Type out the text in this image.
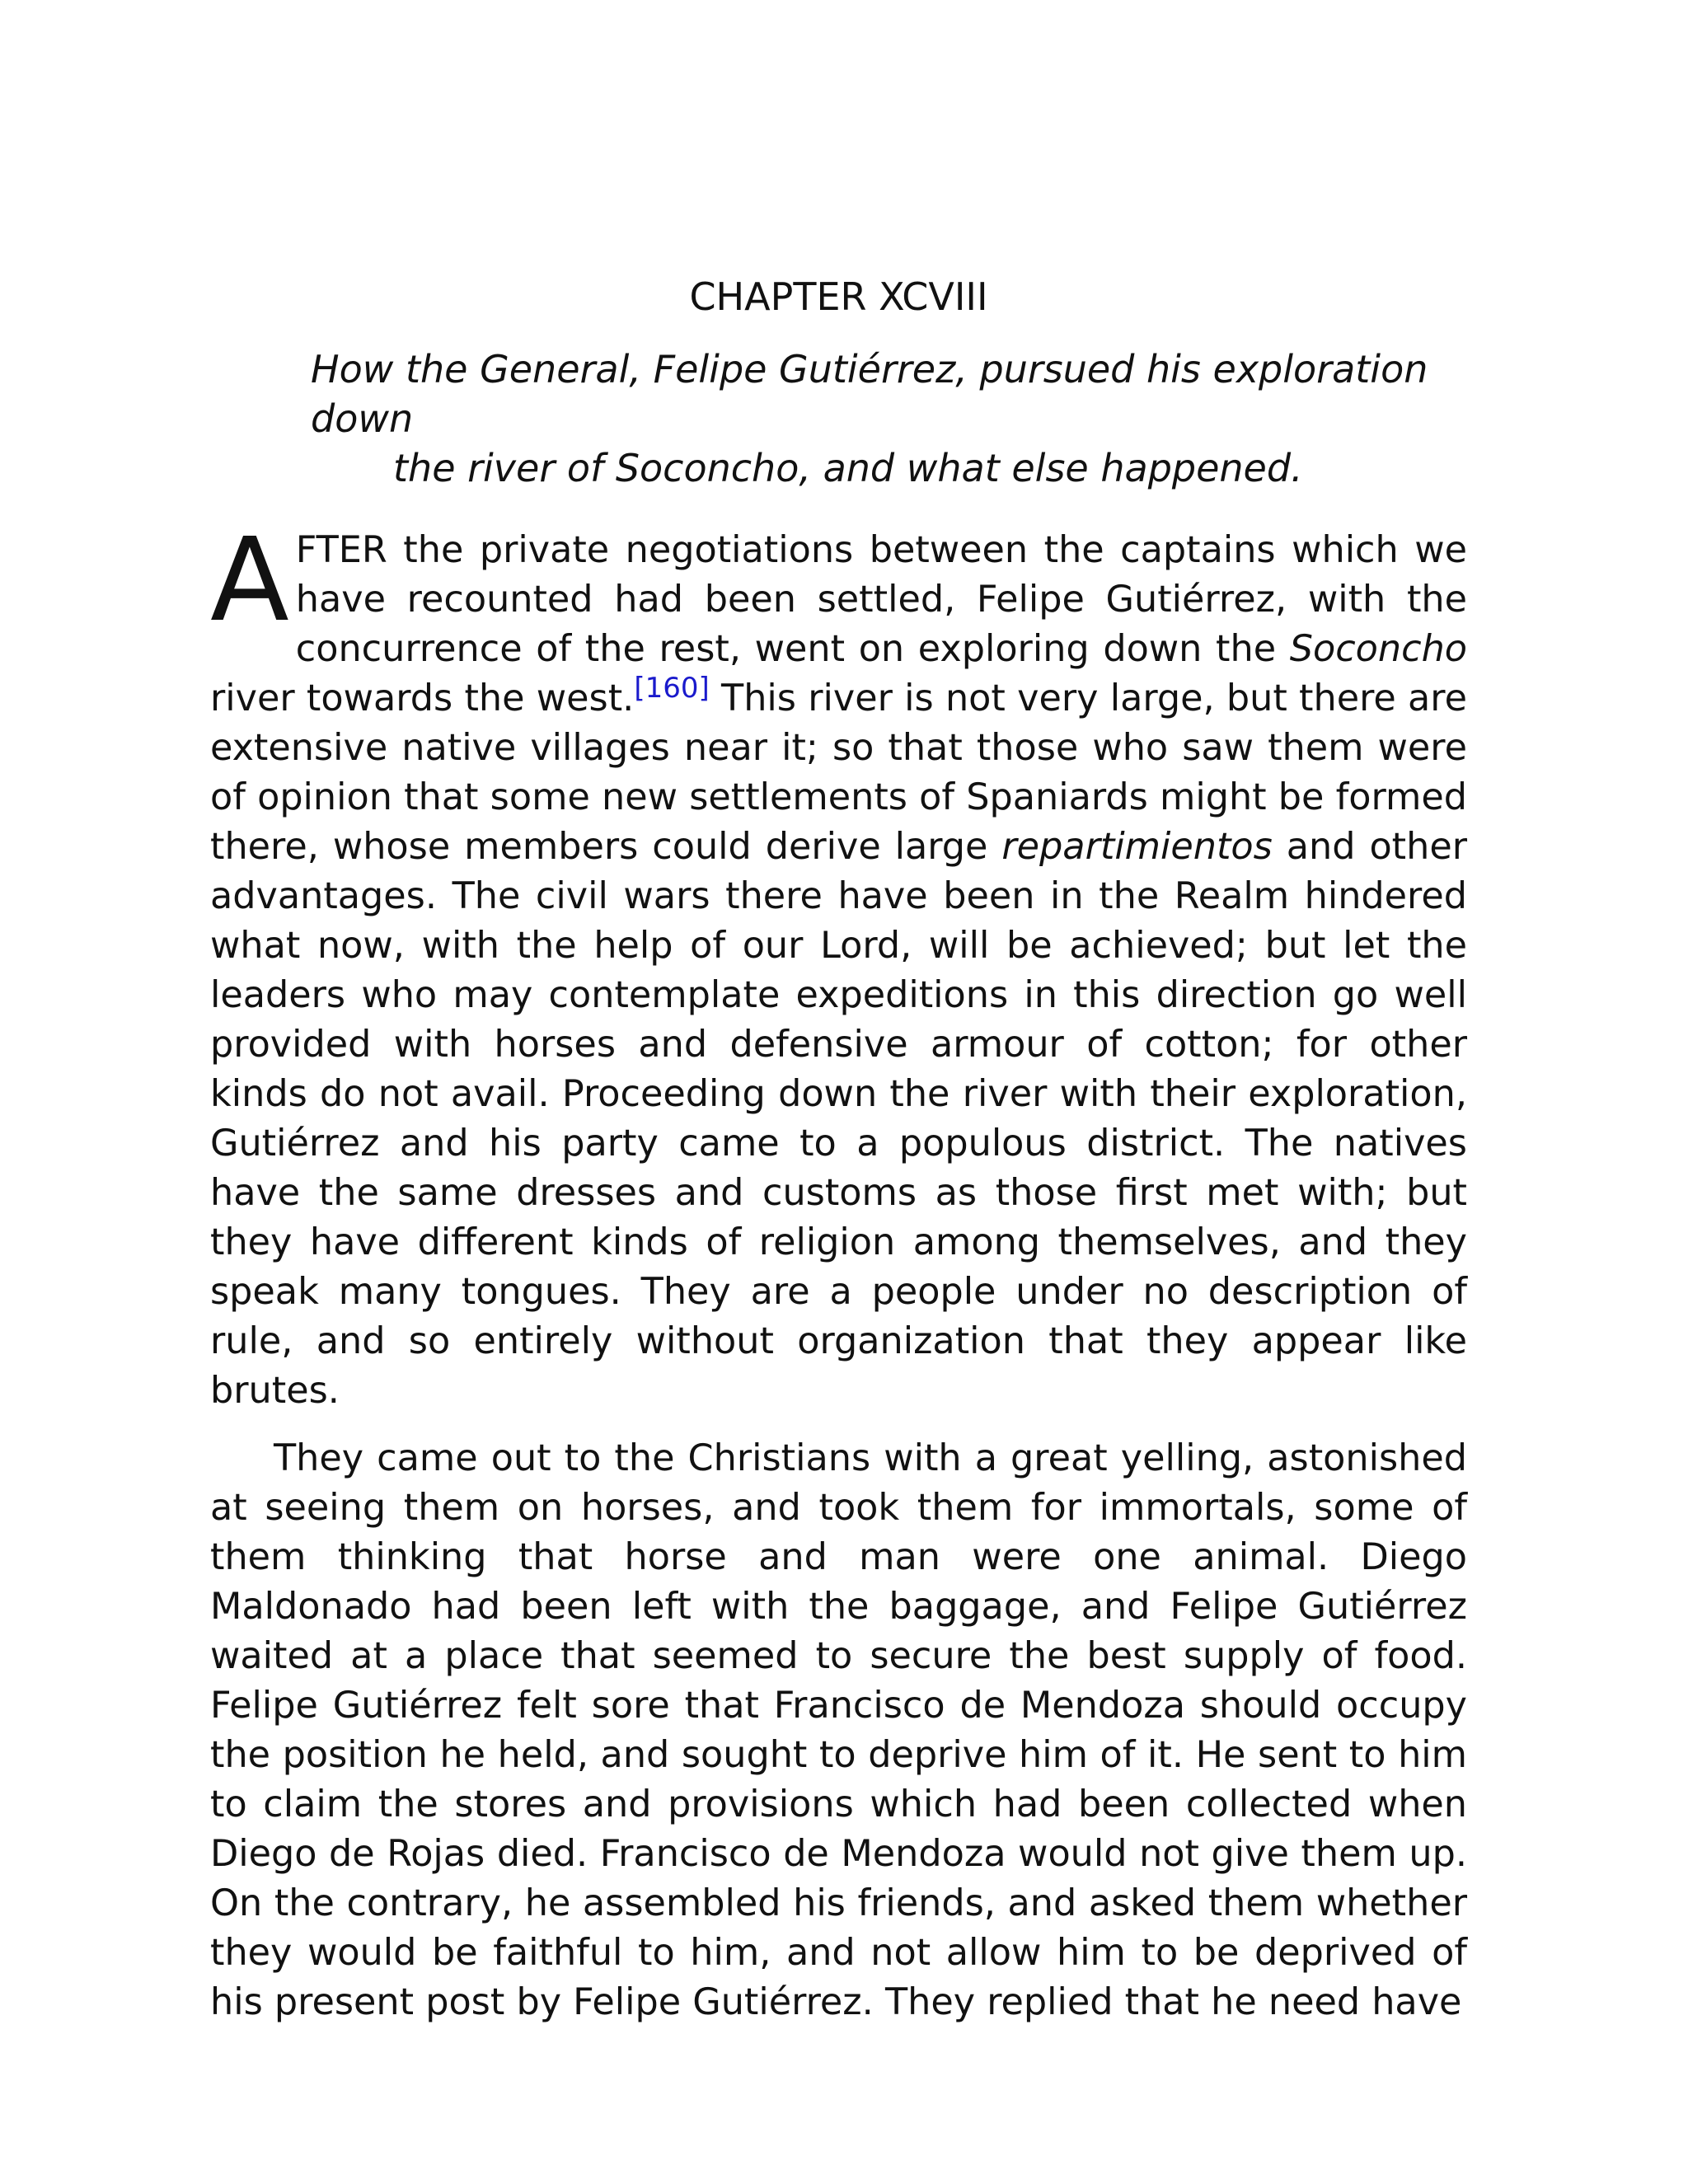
CHAPTER XCVIII
How the General, Felipe Gutiérrez, pursued his exploration down
the river of Soconcho, and what else happened.

AFTER the private negotiations between the captains which we have recounted had been settled, Felipe Gutiérrez, with the concurrence of the rest, went on exploring down the Soconcho river towards the west.[160] This river is not very large, but there are extensive native villages near it; so that those who saw them were of opinion that some new settlements of Spaniards might be formed there, whose members could derive large repartimientos and other advantages. The civil wars there have been in the Realm hindered what now, with the help of our Lord, will be achieved; but let the leaders who may contemplate expeditions in this direction go well provided with horses and defensive armour of cotton; for other kinds do not avail. Proceeding down the river with their exploration, Gutiérrez and his party came to a populous district. The natives have the same dresses and customs as those first met with; but they have different kinds of religion among themselves, and they speak many tongues. They are a people under no description of rule, and so entirely without organization that they appear like brutes.

They came out to the Christians with a great yelling, astonished at seeing them on horses, and took them for immortals, some of them thinking that horse and man were one animal. Diego Maldonado had been left with the baggage, and Felipe Gutiérrez waited at a place that seemed to secure the best supply of food. Felipe Gutiérrez felt sore that Francisco de Mendoza should occupy the position he held, and sought to deprive him of it. He sent to him to claim the stores and provisions which had been collected when Diego de Rojas died. Francisco de Mendoza would not give them up. On the contrary, he assembled his friends, and asked them whether they would be faithful to him, and not allow him to be deprived of his present post by Felipe Gutiérrez. They replied that he need have
